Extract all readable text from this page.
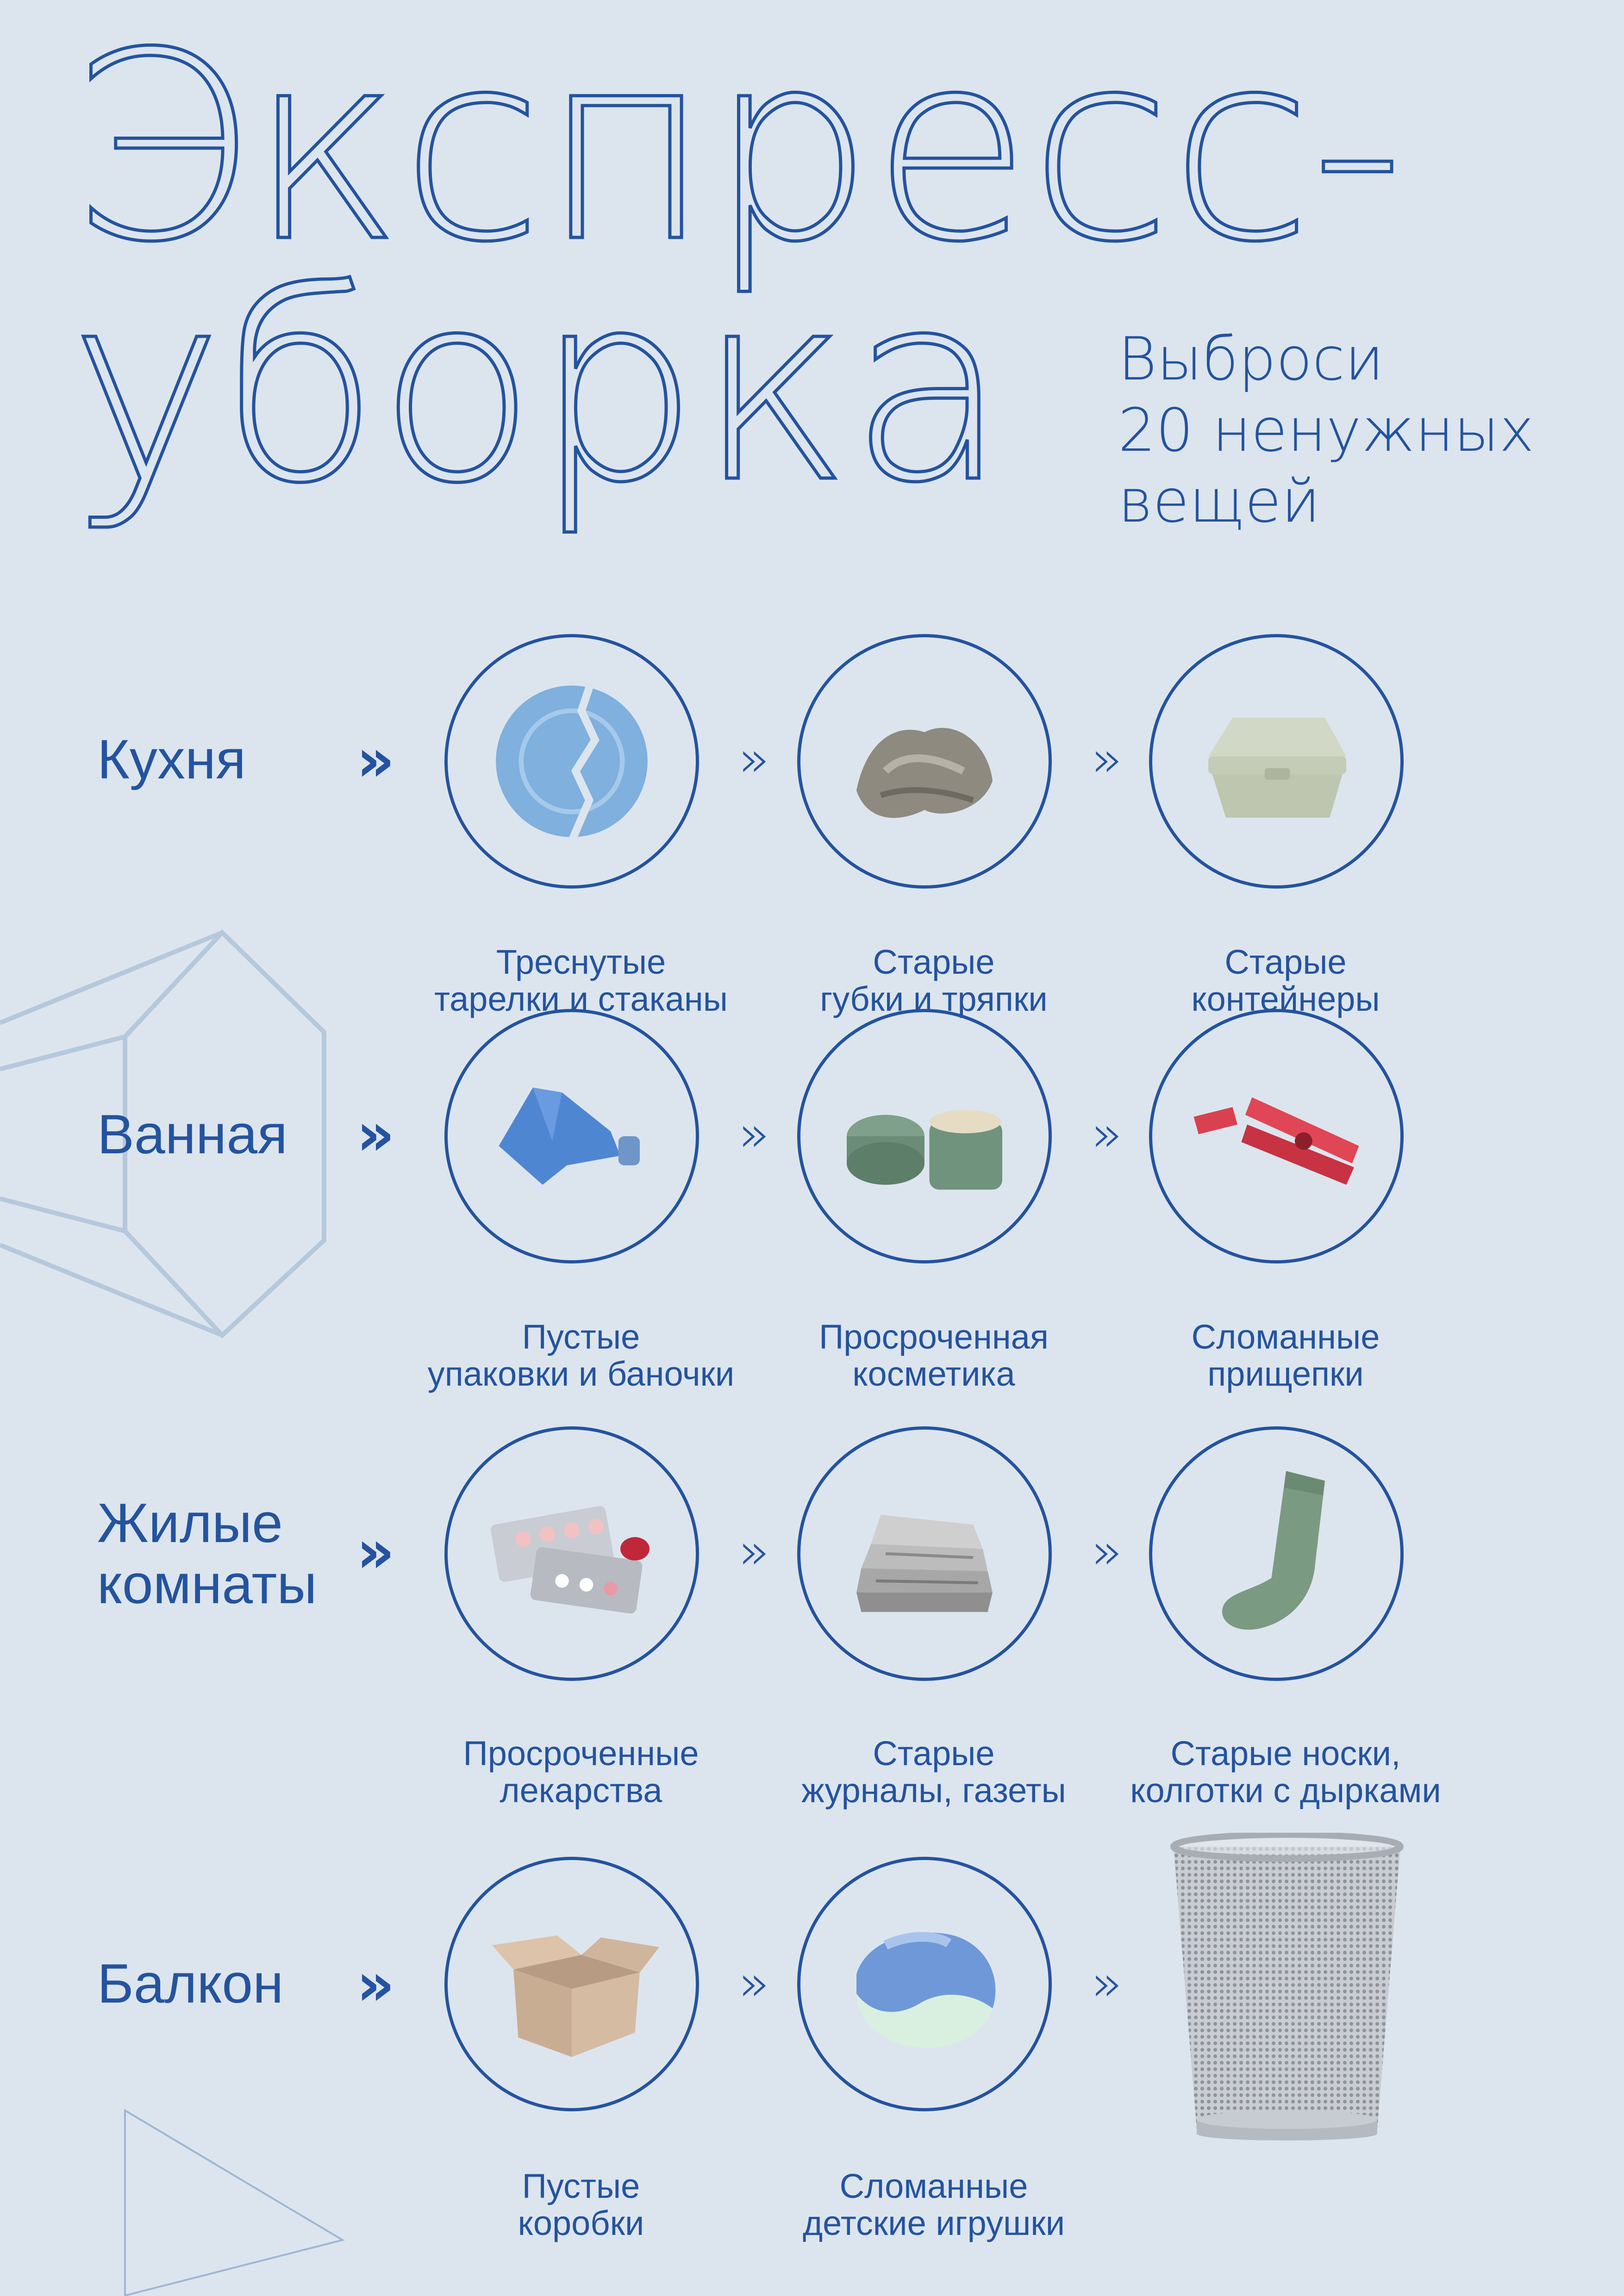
Экспресс-
уборка Выброси
20 ненужных
вещей

Кухня »	»	»

Треснутые
тарелки и стаканы

Старые
губки и тряпки

Старые
контейнеры

Ванная »	»	»

Пустые
упаковки и баночки

Просроченная
косметика

Сломанные
прищепки

Жилые
комнаты »	»	»

Просроченные
лекарства

Старые
журналы, газеты

Старые носки,
колготки с дырками

Балкон »	»	»

Пустые
коробки

Сломанные
детские игрушки
